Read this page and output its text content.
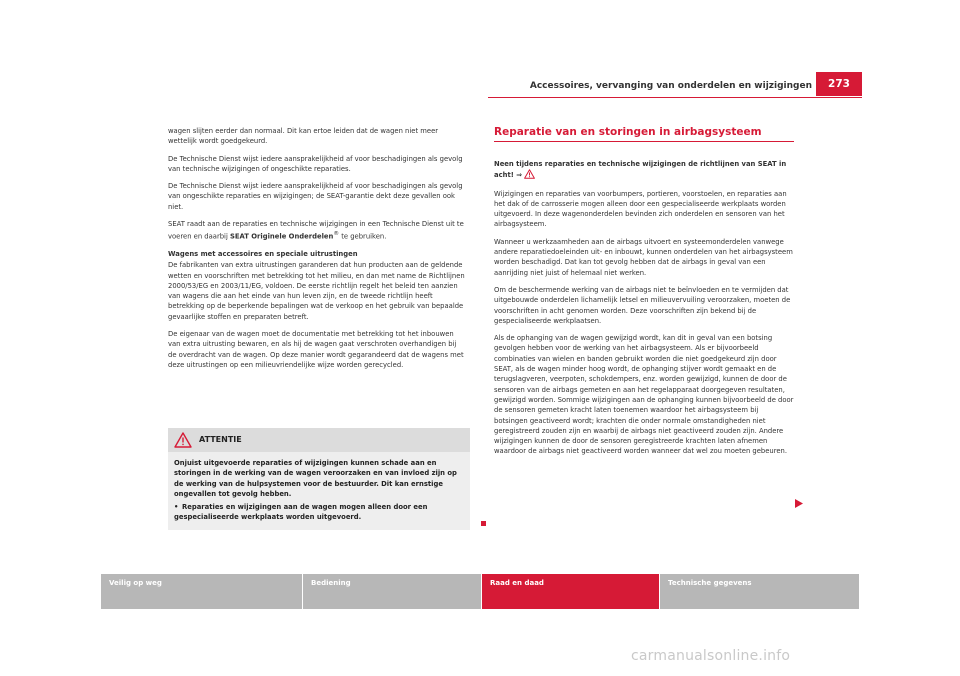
Accessoires, vervanging van onderdelen en wijzigingen	273

wagen slijten eerder dan normaal. Dit kan ertoe leiden dat de wagen niet meer wettelijk wordt goedgekeurd.

De Technische Dienst wijst iedere aansprakelijkheid af voor beschadigingen als gevolg van technische wijzigingen of ongeschikte reparaties.

De Technische Dienst wijst iedere aansprakelijkheid af voor beschadigingen als gevolg van ongeschikte reparaties en wijzigingen; de SEAT-garantie dekt deze gevallen ook niet.

SEAT raadt aan de reparaties en technische wijzigingen in een Technische Dienst uit te voeren en daarbij SEAT Originele Onderdelen® te gebruiken.

Wagens met accessoires en speciale uitrustingen

De fabrikanten van extra uitrustingen garanderen dat hun producten aan de geldende wetten en voorschriften met betrekking tot het milieu, en dan met name de Richtlijnen 2000/53/EG en 2003/11/EG, voldoen. De eerste richtlijn regelt het beleid ten aanzien van wagens die aan het einde van hun leven zijn, en de tweede richtlijn heeft betrekking op de beperkende bepalingen wat de verkoop en het gebruik van bepaalde gevaarlijke stoffen en preparaten betreft.

De eigenaar van de wagen moet de documentatie met betrekking tot het inbouwen van extra uitrusting bewaren, en als hij de wagen gaat verschroten overhandigen bij de overdracht van de wagen. Op deze manier wordt gegarandeerd dat de wagens met deze uitrustingen op een milieuvriendelijke wijze worden gerecycled.

ATTENTIE

Onjuist uitgevoerde reparaties of wijzigingen kunnen schade aan en storingen in de werking van de wagen veroorzaken en van invloed zijn op de werking van de hulpsystemen voor de bestuurder. Dit kan ernstige ongevallen tot gevolg hebben.

• Reparaties en wijzigingen aan de wagen mogen alleen door een gespecialiseerde werkplaats worden uitgevoerd.

Reparatie van en storingen in airbagsysteem
Neen tijdens reparaties en technische wijzigingen de richtlijnen van SEAT in acht! ⇒

Wijzigingen en reparaties van voorbumpers, portieren, voorstoelen, en reparaties aan het dak of de carrosserie mogen alleen door een gespecialiseerde werkplaats worden uitgevoerd. In deze wagenonderdelen bevinden zich onderdelen en sensoren van het airbagsysteem.

Wanneer u werkzaamheden aan de airbags uitvoert en systeemonderdelen vanwege andere reparatiedoeleinden uit- en inbouwt, kunnen onderdelen van het airbagsysteem worden beschadigd. Dat kan tot gevolg hebben dat de airbags in geval van een aanrijding niet juist of helemaal niet werken.

Om de beschermende werking van de airbags niet te beïnvloeden en te vermijden dat uitgebouwde onderdelen lichamelijk letsel en milieuvervuiling veroorzaken, moeten de voorschriften in acht genomen worden. Deze voorschriften zijn bekend bij de gespecialiseerde werkplaatsen.

Als de ophanging van de wagen gewijzigd wordt, kan dit in geval van een botsing gevolgen hebben voor de werking van het airbagsysteem. Als er bijvoorbeeld combinaties van wielen en banden gebruikt worden die niet goedgekeurd zijn door SEAT, als de wagen minder hoog wordt, de ophanging stijver wordt gemaakt en de terugslagveren, veerpoten, schokdempers, enz. worden gewijzigd, kunnen de door de sensoren van de airbags gemeten en aan het regelapparaat doorgegeven resultaten, gewijzigd worden. Sommige wijzigingen aan de ophanging kunnen bijvoorbeeld de door de sensoren gemeten kracht laten toenemen waardoor het airbagsysteem bij botsingen geactiveerd wordt; krachten die onder normale omstandigheden niet geregistreerd zouden zijn en waarbij de airbags niet geactiveerd zouden zijn. Andere wijzigingen kunnen de door de sensoren geregistreerde krachten laten afnemen waardoor de airbags niet geactiveerd worden wanneer dat wel zou moeten gebeuren.

Veilig op weg	Bediening	Raad en daad	Technische gegevens
carmanualsonline.info
